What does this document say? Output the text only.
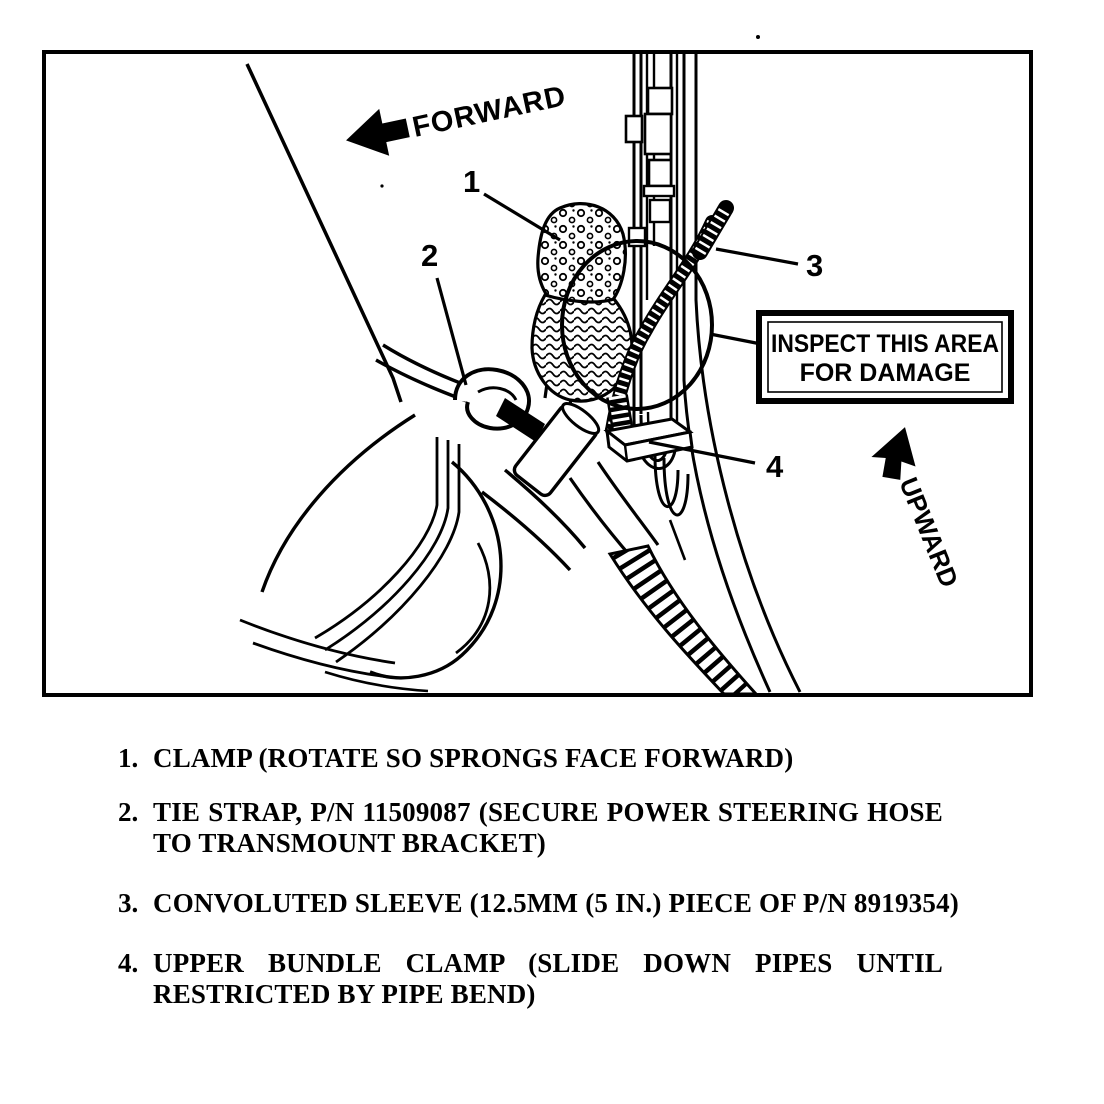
FORWARD
INSPECT THIS AREA
FOR DAMAGE
1
2	3
4
UPWARD
1. CLAMP (ROTATE SO SPRONGS FACE FORWARD)
2. TIE STRAP, P/N 11509087 (SECURE POWER STEERING HOSE
TO TRANSMOUNT BRACKET)
3. CONVOLUTED SLEEVE (12.5MM (5 IN.) PIECE OF P/N 8919354)
4. UPPER BUNDLE CLAMP (SLIDE DOWN PIPES UNTIL
RESTRICTED BY PIPE BEND)
